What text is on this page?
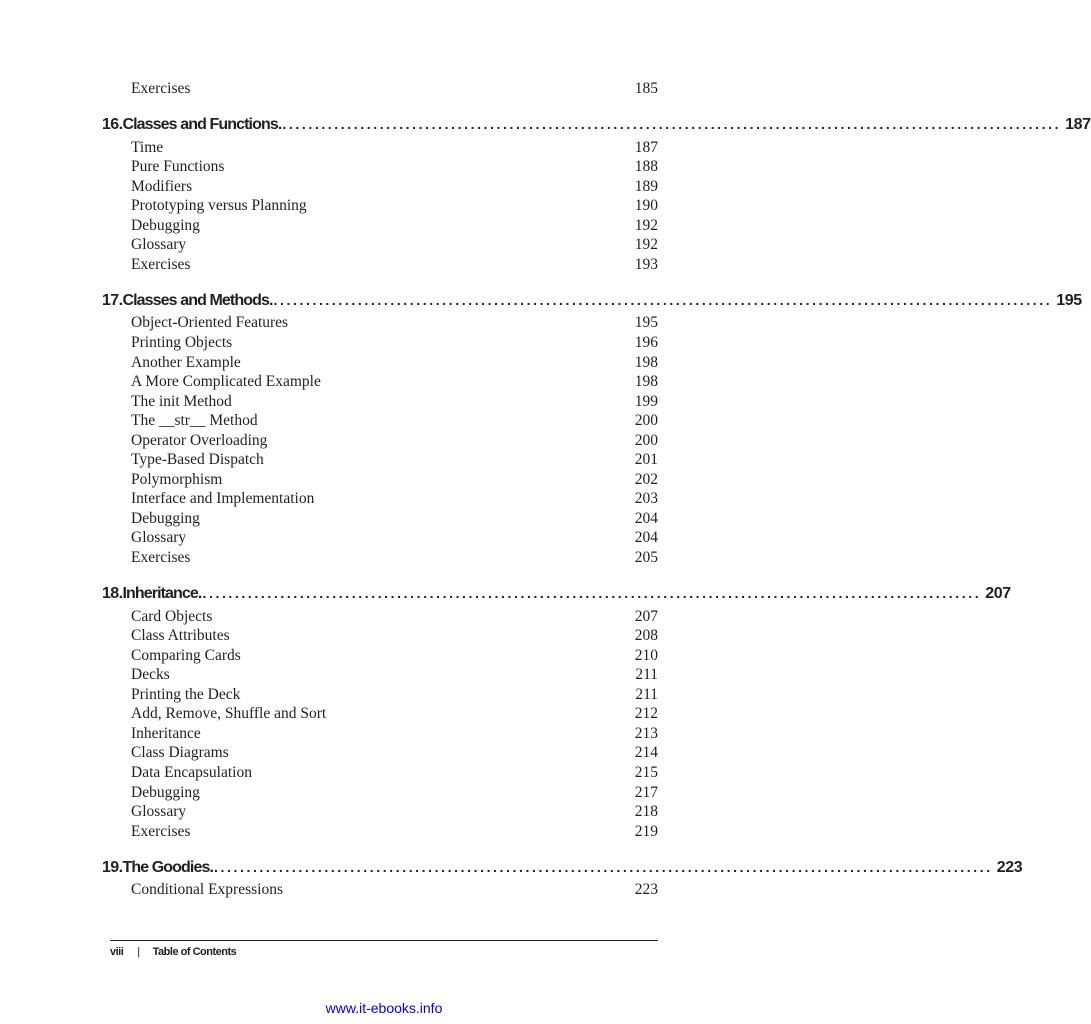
Exercises	185
16. Classes and Functions. ........................................................................................................................ 187
Time	187
Pure Functions	188
Modifiers	189
Prototyping versus Planning	190
Debugging	192
Glossary	192
Exercises	193
17. Classes and Methods. ........................................................................................................................ 195
Object-Oriented Features	195
Printing Objects	196
Another Example	198
A More Complicated Example	198
The init Method	199
The __str__ Method	200
Operator Overloading	200
Type-Based Dispatch	201
Polymorphism	202
Interface and Implementation	203
Debugging	204
Glossary	204
Exercises	205
18. Inheritance. ........................................................................................................................ 207
Card Objects	207
Class Attributes	208
Comparing Cards	210
Decks	211
Printing the Deck	211
Add, Remove, Shuffle and Sort	212
Inheritance	213
Class Diagrams	214
Data Encapsulation	215
Debugging	217
Glossary	218
Exercises	219
19. The Goodies. ........................................................................................................................ 223
Conditional Expressions	223
viii | Table of Contents
www.it-ebooks.info
